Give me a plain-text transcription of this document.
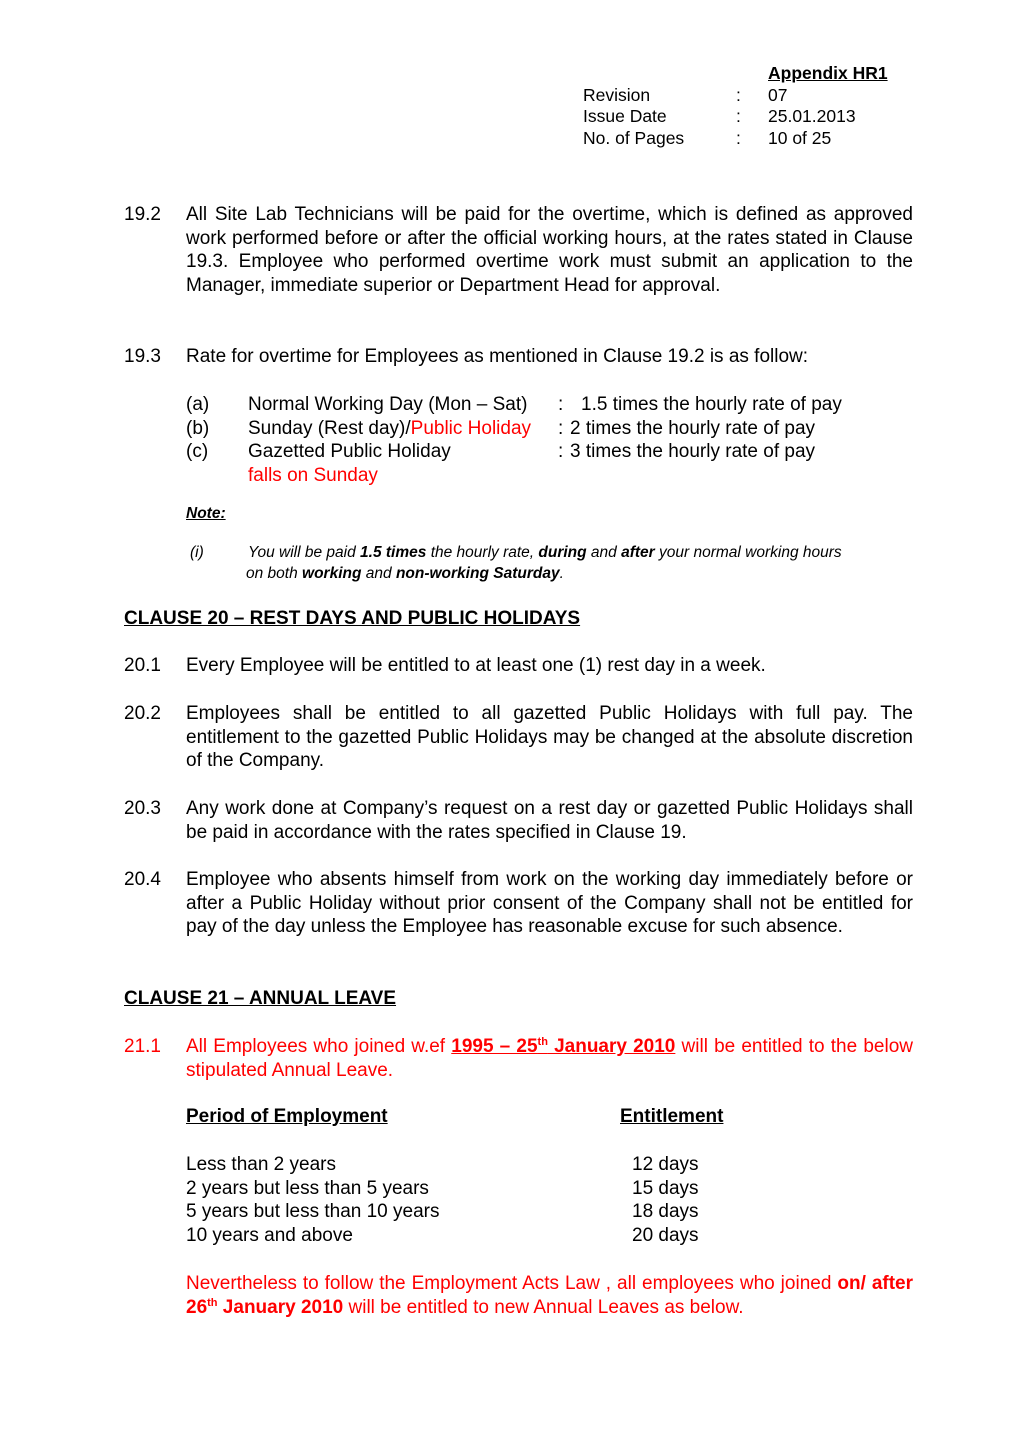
Appendix HR1
Revision	: 07
Issue Date	: 25.01.2013
No. of Pages	: 10 of 25
19.2 All Site Lab Technicians will be paid for the overtime, which is defined as approved work performed before or after the official working hours, at the rates stated in Clause 19.3. Employee who performed overtime work must submit an application to the Manager, immediate superior or Department Head for approval.
19.3 Rate for overtime for Employees as mentioned in Clause 19.2 is as follow:
(a) Normal Working Day (Mon – Sat) : 1.5 times the hourly rate of pay
(b) Sunday (Rest day)/Public Holiday : 2 times the hourly rate of pay
(c) Gazetted Public Holiday	: 3 times the hourly rate of pay
falls on Sunday
Note:
(i)	You will be paid 1.5 times the hourly rate, during and after your normal working hours
on both working and non-working Saturday.
CLAUSE 20 – REST DAYS AND PUBLIC HOLIDAYS
20.1 Every Employee will be entitled to at least one (1) rest day in a week.
20.2 Employees shall be entitled to all gazetted Public Holidays with full pay. The entitlement to the gazetted Public Holidays may be changed at the absolute discretion of the Company.
20.3 Any work done at Company’s request on a rest day or gazetted Public Holidays shall be paid in accordance with the rates specified in Clause 19.
20.4 Employee who absents himself from work on the working day immediately before or after a Public Holiday without prior consent of the Company shall not be entitled for pay of the day unless the Employee has reasonable excuse for such absence.
CLAUSE 21 – ANNUAL LEAVE
21.1 All Employees who joined w.ef 1995 – 25th January 2010 will be entitled to the below stipulated Annual Leave.
Period of Employment	Entitlement
Less than 2 years	12 days
2 years but less than 5 years	15 days
5 years but less than 10 years	18 days
10 years and above	20 days
Nevertheless to follow the Employment Acts Law , all employees who joined on/ after 26th January 2010 will be entitled to new Annual Leaves as below.
